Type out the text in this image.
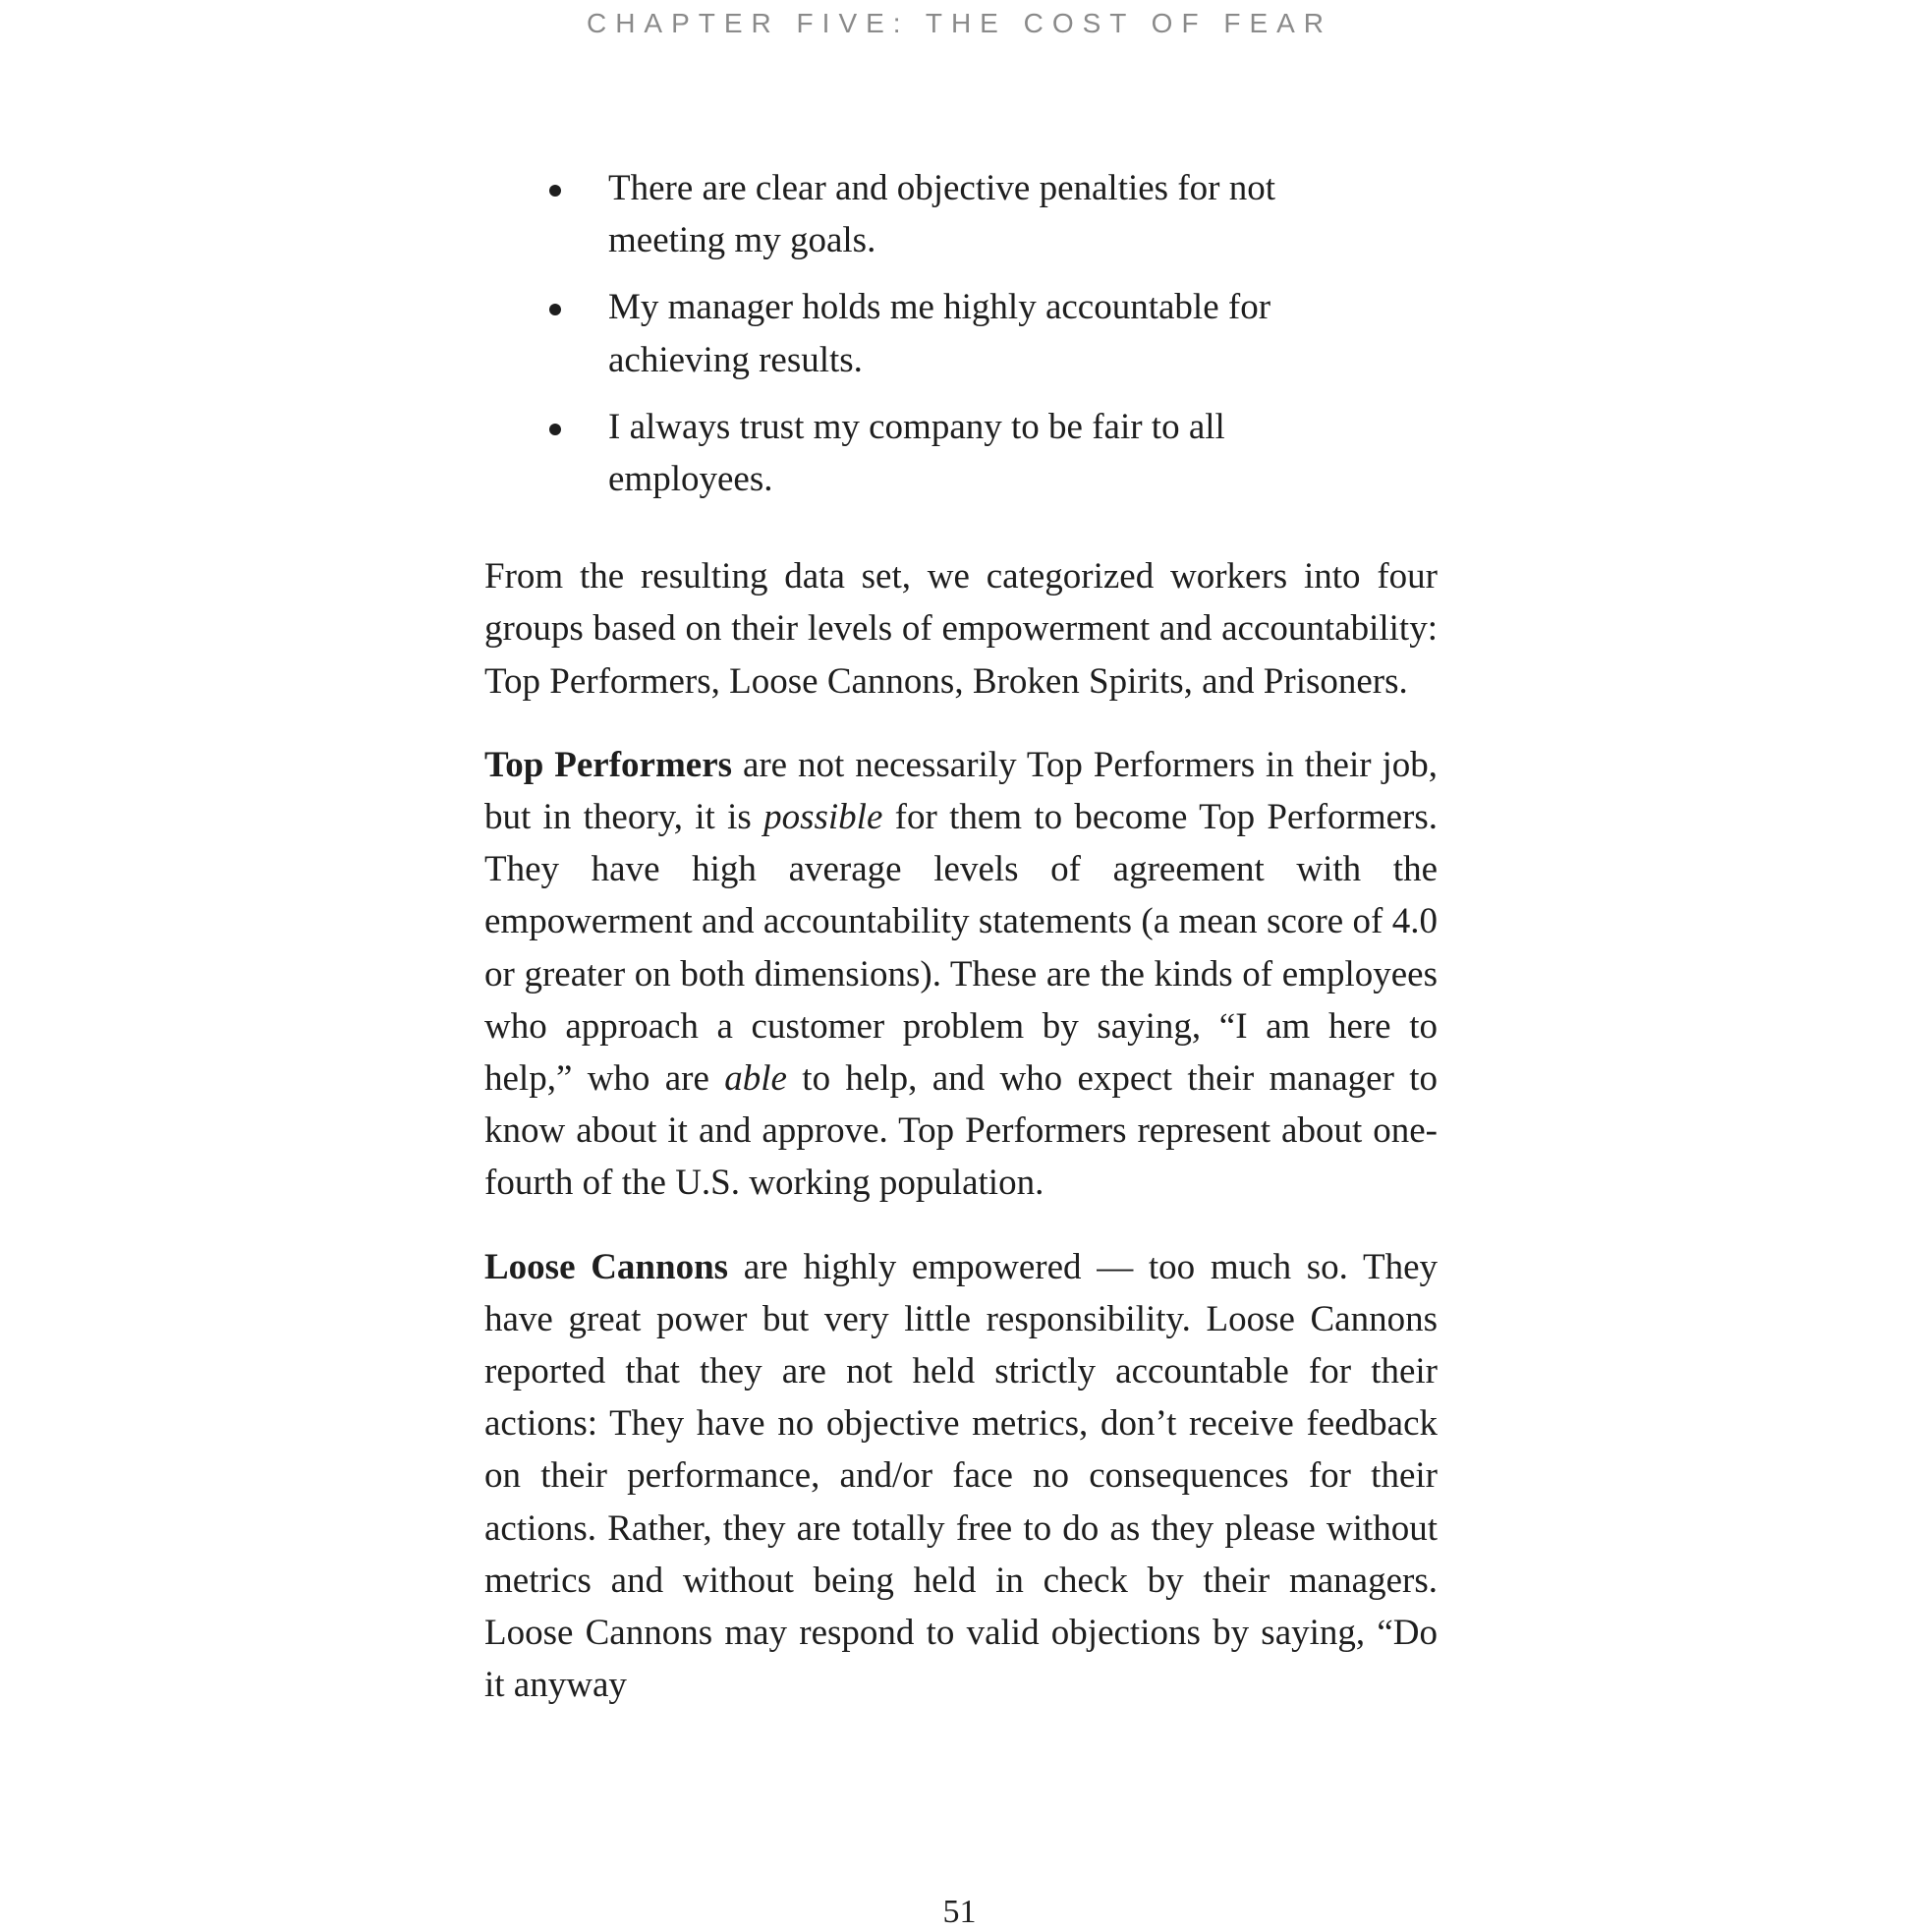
CHAPTER FIVE: THE COST OF FEAR
There are clear and objective penalties for not meeting my goals.
My manager holds me highly accountable for achieving results.
I always trust my company to be fair to all employees.

From the resulting data set, we categorized workers into four groups based on their levels of empowerment and accountability: Top Performers, Loose Cannons, Broken Spirits, and Prisoners.

Top Performers are not necessarily Top Performers in their job, but in theory, it is possible for them to become Top Performers. They have high average levels of agreement with the empowerment and accountability statements (a mean score of 4.0 or greater on both dimensions). These are the kinds of employees who approach a customer problem by saying, “I am here to help,” who are able to help, and who expect their manager to know about it and approve. Top Performers represent about one-fourth of the U.S. working population.

Loose Cannons are highly empowered — too much so. They have great power but very little responsibility. Loose Cannons reported that they are not held strictly accountable for their actions: They have no objective metrics, don’t receive feedback on their performance, and/or face no consequences for their actions. Rather, they are totally free to do as they please without metrics and without being held in check by their managers. Loose Cannons may respond to valid objections by saying, “Do it anyway

51
